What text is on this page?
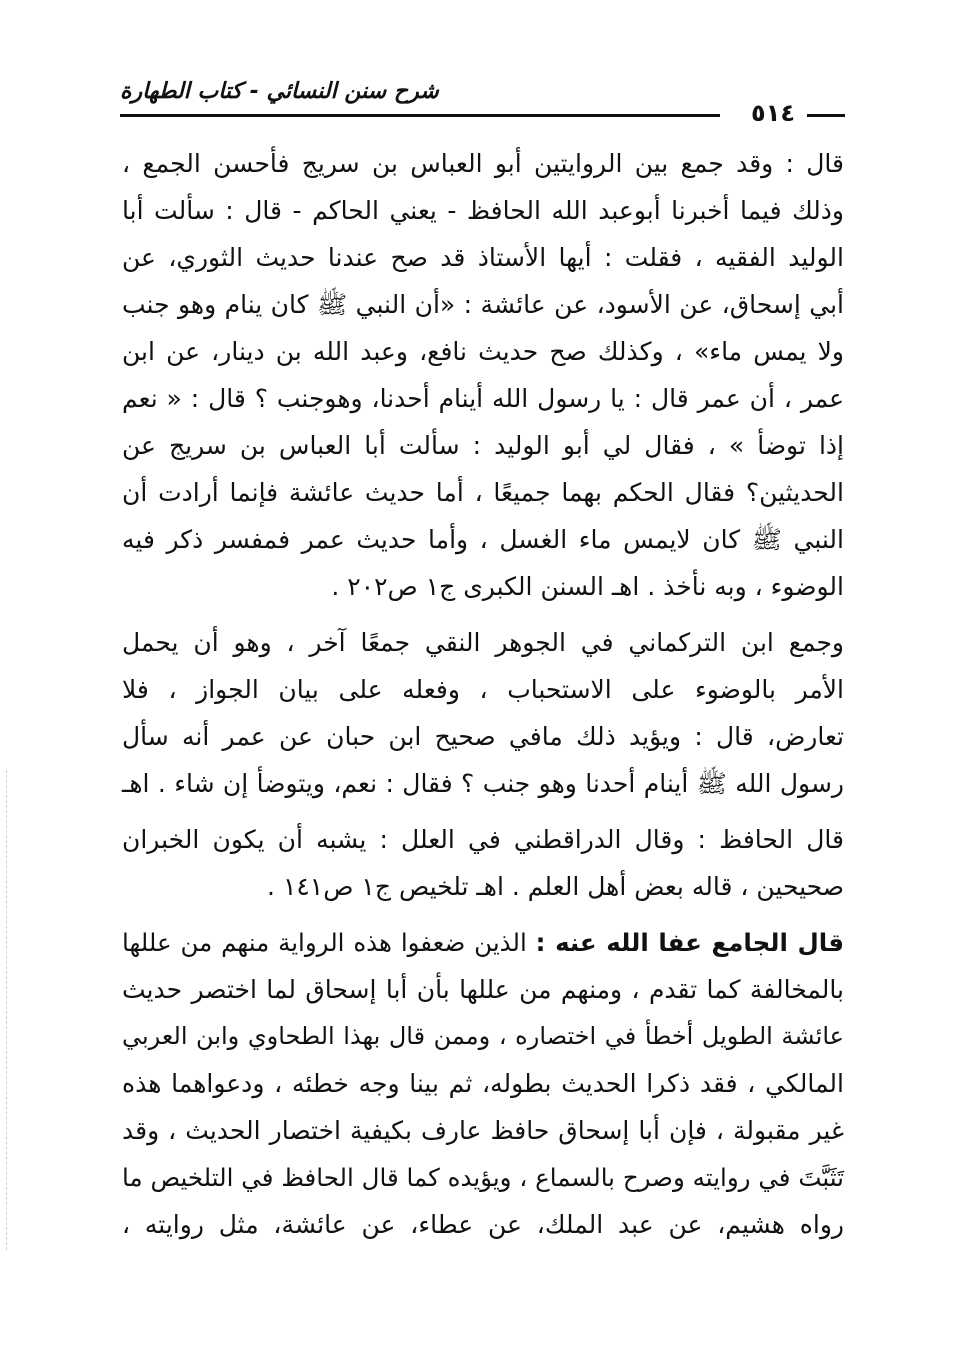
شرح سنن النسائي - كتاب الطهارة
٥١٤
قال : وقد جمع بين الروايتين أبو العباس بن سريج فأحسن الجمع ،
وذلك فيما أخبرنا أبوعبد الله الحافظ - يعني الحاكم - قال : سألت أبا
الوليد الفقيه ، فقلت : أيها الأستاذ قد صح عندنا حديث الثوري، عن
أبي إسحاق، عن الأسود، عن عائشة : «أن النبي ﷺ كان ينام وهو جنب
ولا يمس ماء» ، وكذلك صح حديث نافع، وعبد الله بن دينار، عن ابن
عمر ، أن عمر قال : يا رسول الله أينام أحدنا، وهوجنب ؟ قال : « نعم
إذا توضأ » ، فقال لي أبو الوليد : سألت أبا العباس بن سريج عن
الحديثين؟ فقال الحكم بهما جميعًا ، أما حديث عائشة فإنما أرادت أن
النبي ﷺ كان لايمس ماء الغسل ، وأما حديث عمر فمفسر ذكر فيه
الوضوء ، وبه نأخذ . اهـ السنن الكبرى ج١ ص٢٠٢ .
وجمع ابن التركماني في الجوهر النقي جمعًا آخر ، وهو أن يحمل
الأمر بالوضوء على الاستحباب ، وفعله على بيان الجواز ، فلا
تعارض، قال : ويؤيد ذلك مافي صحيح ابن حبان عن عمر أنه سأل
رسول الله ﷺ أينام أحدنا وهو جنب ؟ فقال : نعم، ويتوضأ إن شاء . اهـ
قال الحافظ : وقال الدراقطني في العلل : يشبه أن يكون الخبران
صحيحين ، قاله بعض أهل العلم . اهـ تلخيص ج١ ص١٤١ .
قال الجامع عفا الله عنه : الذين ضعفوا هذه الرواية منهم من عللها
بالمخالفة كما تقدم ، ومنهم من عللها بأن أبا إسحاق لما اختصر حديث
عائشة الطويل أخطأ في اختصاره ، وممن قال بهذا الطحاوي وابن العربي
المالكي ، فقد ذكرا الحديث بطوله، ثم بينا وجه خطئه ، ودعواهما هذه
غير مقبولة ، فإن أبا إسحاق حافظ عارف بكيفية اختصار الحديث ، وقد
تَثَبَّتَ في روايته وصرح بالسماع ، ويؤيده كما قال الحافظ في التلخيص ما
رواه هشيم، عن عبد الملك، عن عطاء، عن عائشة، مثل روايته ،
